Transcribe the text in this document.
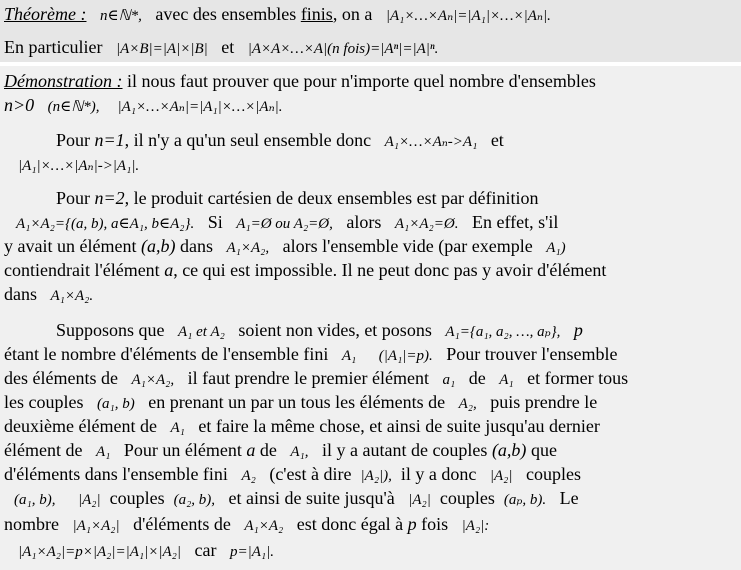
Théorème : n∈ℕ*, avec des ensembles finis, on a |A₁×…×Aₙ|=|A₁|×…×|Aₙ|.
En particulier |A×B|=|A|×|B| et |A×A×…×A|(n fois)=|Aⁿ|=|A|ⁿ.
Démonstration : il nous faut prouver que pour n'importe quel nombre d'ensembles
n>0 (n∈ℕ*), |A₁×…×Aₙ|=|A₁|×…×|Aₙ|.
Pour n=1, il n'y a qu'un seul ensemble donc A₁×…×Aₙ->A₁ et
|A₁|×…×|Aₙ|->|A₁|.
Pour n=2, le produit cartésien de deux ensembles est par définition
A₁×A₂={(a, b), a∈A₁, b∈A₂}. Si A₁=Ø ou A₂=Ø, alors A₁×A₂=Ø. En effet, s'il
y avait un élément (a,b) dans A₁×A₂, alors l'ensemble vide (par exemple A₁)
contiendrait l'élément a, ce qui est impossible. Il ne peut donc pas y avoir d'élément
dans A₁×A₂.
Supposons que A₁ et A₂ soient non vides, et posons A₁={a₁, a₂, …, aₚ}, p
étant le nombre d'éléments de l'ensemble fini A₁ (|A₁|=p). Pour trouver l'ensemble
des éléments de A₁×A₂, il faut prendre le premier élément a₁ de A₁ et former tous
les couples (a₁, b) en prenant un par un tous les éléments de A₂, puis prendre le
deuxième élément de A₁ et faire la même chose, et ainsi de suite jusqu'au dernier
élément de A₁ Pour un élément a de A₁, il y a autant de couples (a,b) que
d'éléments dans l'ensemble fini A₂ (c'est à dire |A₂|), il y a donc |A₂| couples
(a₁, b), |A₂| couples (a₂, b), et ainsi de suite jusqu'à |A₂| couples (aₚ, b). Le
nombre |A₁×A₂| d'éléments de A₁×A₂ est donc égal à p fois |A₂|:
|A₁×A₂|=p×|A₂|=|A₁|×|A₂| car p=|A₁|.
